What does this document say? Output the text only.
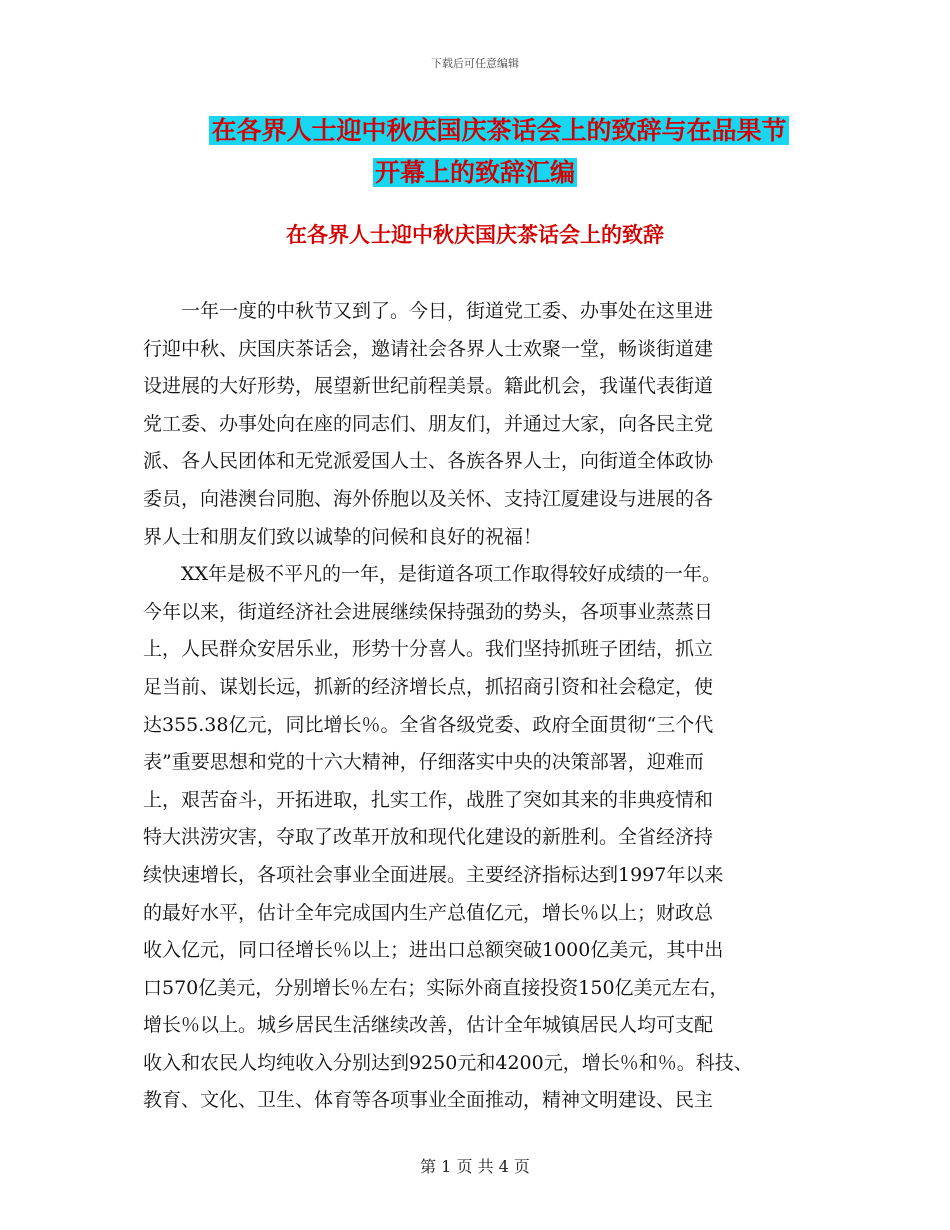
下载后可任意编辑
在各界人士迎中秋庆国庆茶话会上的致辞与在品果节
开幕上的致辞汇编
在各界人士迎中秋庆国庆茶话会上的致辞
　　一年一度的中秋节又到了。今日，街道党工委、办事处在这里进
行迎中秋、庆国庆茶话会，邀请社会各界人士欢聚一堂，畅谈街道建
设进展的大好形势，展望新世纪前程美景。籍此机会，我谨代表街道
党工委、办事处向在座的同志们、朋友们，并通过大家，向各民主党
派、各人民团体和无党派爱国人士、各族各界人士，向街道全体政协
委员，向港澳台同胞、海外侨胞以及关怀、支持江厦建设与进展的各
界人士和朋友们致以诚挚的问候和良好的祝福！
　　XX年是极不平凡的一年，是街道各项工作取得较好成绩的一年。
今年以来，街道经济社会进展继续保持强劲的势头，各项事业蒸蒸日
上，人民群众安居乐业，形势十分喜人。我们坚持抓班子团结，抓立
足当前、谋划长远，抓新的经济增长点，抓招商引资和社会稳定，使
达355.38亿元，同比增长％。全省各级党委、政府全面贯彻“三个代
表”重要思想和党的十六大精神，仔细落实中央的决策部署，迎难而
上，艰苦奋斗，开拓进取，扎实工作，战胜了突如其来的非典疫情和
特大洪涝灾害，夺取了改革开放和现代化建设的新胜利。全省经济持
续快速增长，各项社会事业全面进展。主要经济指标达到1997年以来
的最好水平，估计全年完成国内生产总值亿元，增长％以上；财政总
收入亿元，同口径增长％以上；进出口总额突破1000亿美元，其中出
口570亿美元，分别增长％左右；实际外商直接投资150亿美元左右，
增长％以上。城乡居民生活继续改善，估计全年城镇居民人均可支配
收入和农民人均纯收入分别达到9250元和4200元，增长％和％。科技、
教育、文化、卫生、体育等各项事业全面推动，精神文明建设、民主
第 1 页 共 4 页
